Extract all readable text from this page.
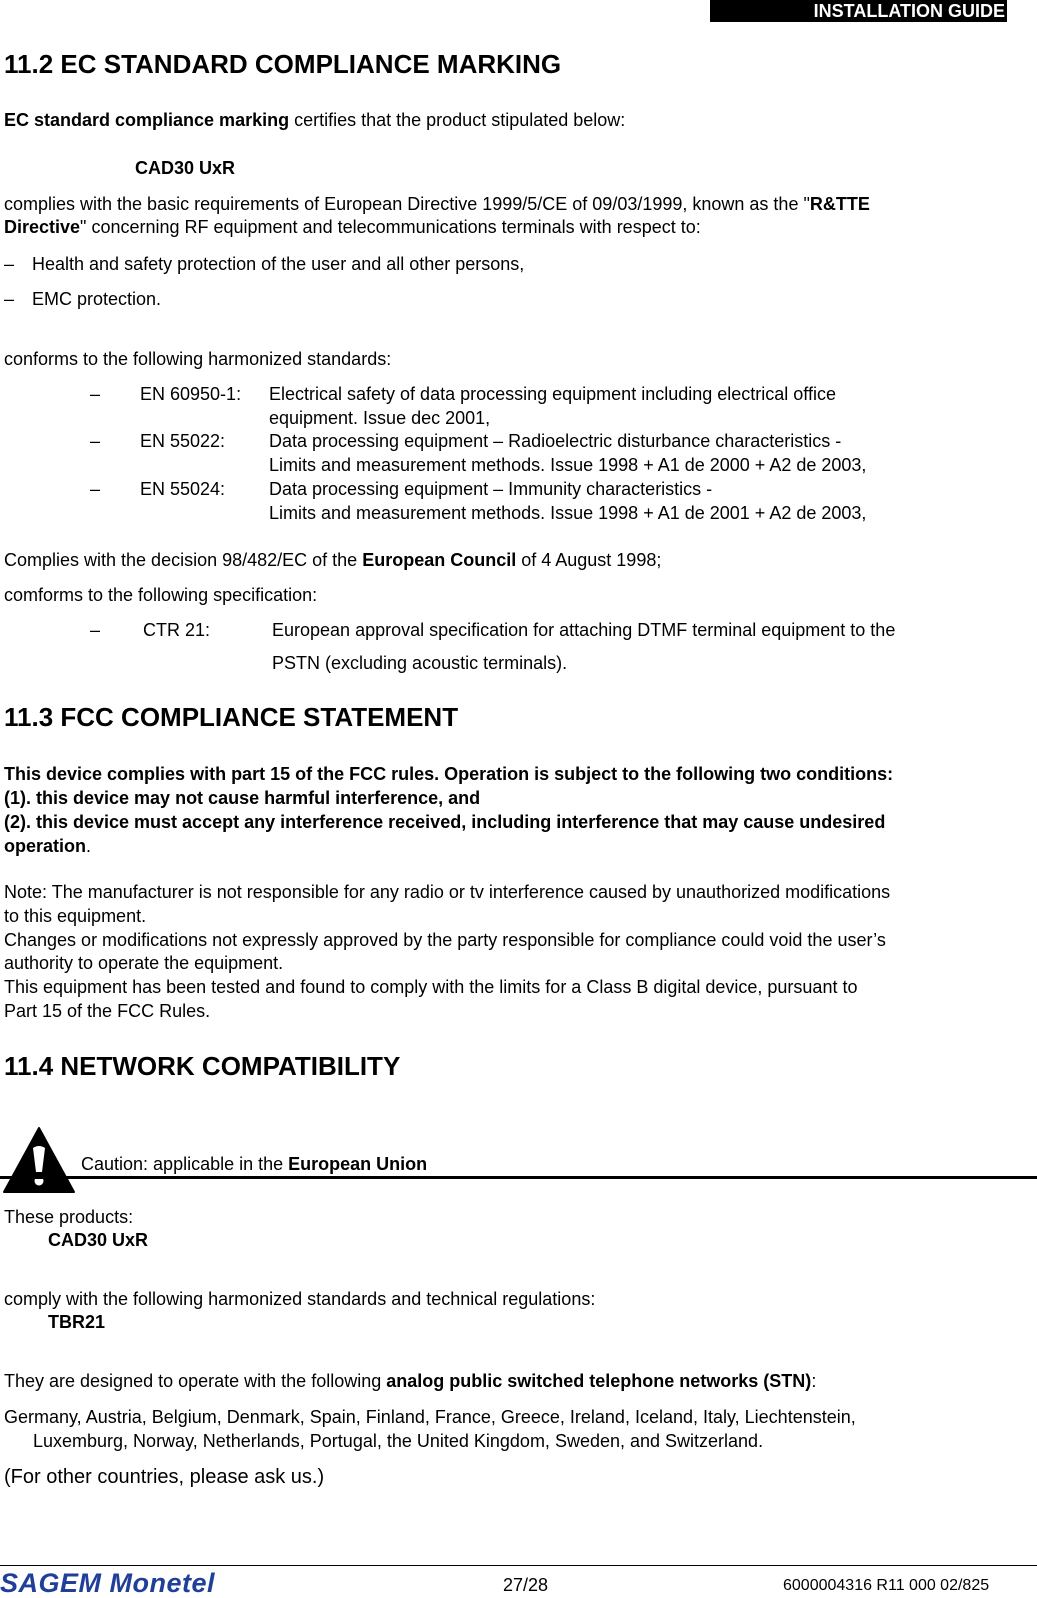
INSTALLATION GUIDE
11.2 EC STANDARD COMPLIANCE MARKING
EC standard compliance marking certifies that the product stipulated below:
CAD30 UxR
complies with the basic requirements of European Directive 1999/5/CE of 09/03/1999, known as the "R&TTE
Directive" concerning RF equipment and telecommunications terminals with respect to:
– Health and safety protection of the user and all other persons,
– EMC protection.
conforms to the following harmonized standards:
– EN 60950-1: Electrical safety of data processing equipment including electrical office
equipment. Issue dec 2001,
– EN 55022: Data processing equipment – Radioelectric disturbance characteristics -
Limits and measurement methods. Issue 1998 + A1 de 2000 + A2 de 2003,
– EN 55024: Data processing equipment – Immunity characteristics -
Limits and measurement methods. Issue 1998 + A1 de 2001 + A2 de 2003,
Complies with the decision 98/482/EC of the European Council of 4 August 1998;
comforms to the following specification:
– CTR 21:	European approval specification for attaching DTMF terminal equipment to the
PSTN (excluding acoustic terminals).
11.3 FCC COMPLIANCE STATEMENT
This device complies with part 15 of the FCC rules. Operation is subject to the following two conditions:
(1). this device may not cause harmful interference, and
(2). this device must accept any interference received, including interference that may cause undesired
operation.
Note: The manufacturer is not responsible for any radio or tv interference caused by unauthorized modifications
to this equipment.
Changes or modifications not expressly approved by the party responsible for compliance could void the user’s
authority to operate the equipment.
This equipment has been tested and found to comply with the limits for a Class B digital device, pursuant to
Part 15 of the FCC Rules.
11.4 NETWORK COMPATIBILITY
Caution: applicable in the European Union
These products:
CAD30 UxR
comply with the following harmonized standards and technical regulations:
TBR21
They are designed to operate with the following analog public switched telephone networks (STN):
Germany, Austria, Belgium, Denmark, Spain, Finland, France, Greece, Ireland, Iceland, Italy, Liechtenstein,
Luxemburg, Norway, Netherlands, Portugal, the United Kingdom, Sweden, and Switzerland.
(For other countries, please ask us.)
SAGEM Monetel	27/28	6000004316 R11 000 02/825
